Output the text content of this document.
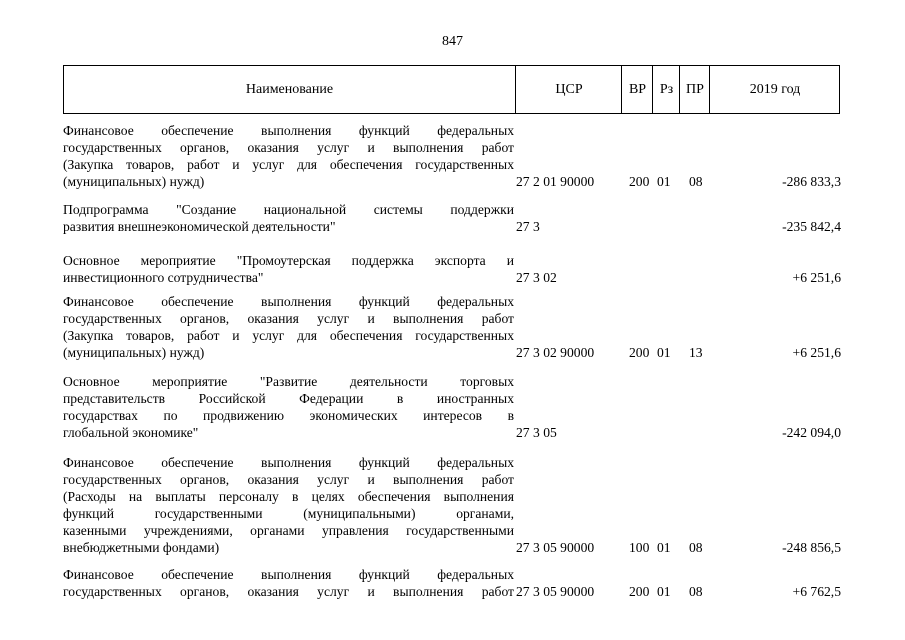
847
Наименование	ЦСР	ВР Рз ПР	2019 год
Финансовое обеспечение выполнения функций федеральных
государственных органов, оказания услуг и выполнения работ
(Закупка товаров, работ и услуг для обеспечения государственных
(муниципальных) нужд)	27 2 01 90000	200 01 08	-286 833,3
Подпрограмма "Создание национальной системы поддержки
развития внешнеэкономической деятельности"	27 3	-235 842,4
Основное мероприятие "Промоутерская поддержка экспорта и
инвестиционного сотрудничества"	27 3 02	+6 251,6
Финансовое обеспечение выполнения функций федеральных
государственных органов, оказания услуг и выполнения работ
(Закупка товаров, работ и услуг для обеспечения государственных
(муниципальных) нужд)	27 3 02 90000	200 01 13	+6 251,6
Основное мероприятие "Развитие деятельности торговых
представительств Российской Федерации в иностранных
государствах по продвижению экономических интересов в
глобальной экономике"	27 3 05	-242 094,0
Финансовое обеспечение выполнения функций федеральных
государственных органов, оказания услуг и выполнения работ
(Расходы на выплаты персоналу в целях обеспечения выполнения
функций государственными (муниципальными) органами,
казенными учреждениями, органами управления государственными
внебюджетными фондами)	27 3 05 90000	100 01 08	-248 856,5
Финансовое обеспечение выполнения функций федеральных
государственных органов, оказания услуг и выполнения работ 27 3 05 90000	200 01 08	+6 762,5
